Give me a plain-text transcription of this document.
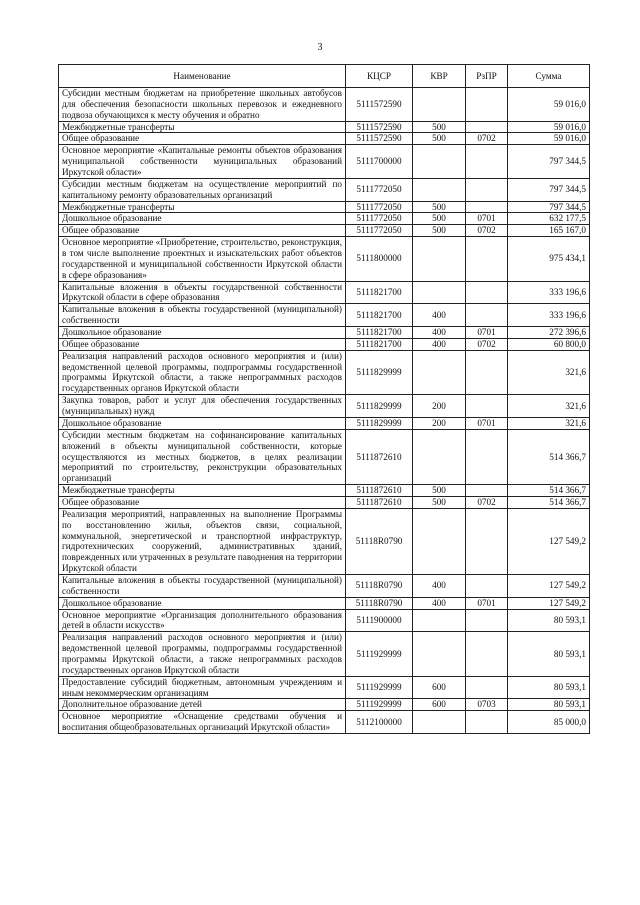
3
Наименование	КЦСР	КВР	РзПР	Сумма
Субсидии местным бюджетам на приобретение школьных автобусов для обеспечения безопасности школьных перевозок и ежедневного подвоза обучающихся к месту обучения и обратно	5111572590			59 016,0
Межбюджетные трансферты	5111572590	500		59 016,0
Общее образование	5111572590	500	0702	59 016,0
Основное мероприятие «Капитальные ремонты объектов образования муниципальной собственности муниципальных образований Иркутской области»	5111700000			797 344,5
Субсидии местным бюджетам на осуществление мероприятий по капитальному ремонту образовательных организаций	5111772050			797 344,5
Межбюджетные трансферты	5111772050	500		797 344,5
Дошкольное образование	5111772050	500	0701	632 177,5
Общее образование	5111772050	500	0702	165 167,0
Основное мероприятие «Приобретение, строительство, реконструкция, в том числе выполнение проектных и изыскательских работ объектов государственной и муниципальной собственности Иркутской области в сфере образования»	5111800000			975 434,1
Капитальные вложения в объекты государственной собственности Иркутской области в сфере образования	5111821700			333 196,6
Капитальные вложения в объекты государственной (муниципальной) собственности	5111821700	400		333 196,6
Дошкольное образование	5111821700	400	0701	272 396,6
Общее образование	5111821700	400	0702	60 800,0
Реализация направлений расходов основного мероприятия и (или) ведомственной целевой программы, подпрограммы государственной программы Иркутской области, а также непрограммных расходов государственных органов Иркутской области	5111829999			321,6
Закупка товаров, работ и услуг для обеспечения государственных (муниципальных) нужд	5111829999	200		321,6
Дошкольное образование	5111829999	200	0701	321,6
Субсидии местным бюджетам на софинансирование капитальных вложений в объекты муниципальной собственности, которые осуществляются из местных бюджетов, в целях реализации мероприятий по строительству, реконструкции образовательных организаций	5111872610			514 366,7
Межбюджетные трансферты	5111872610	500		514 366,7
Общее образование	5111872610	500	0702	514 366,7
Реализация мероприятий, направленных на выполнение Программы по восстановлению жилья, объектов связи, социальной, коммунальной, энергетической и транспортной инфраструктур, гидротехнических сооружений, административных зданий, поврежденных или утраченных в результате паводнения на территории Иркутской области	51118R0790			127 549,2
Капитальные вложения в объекты государственной (муниципальной) собственности	51118R0790	400		127 549,2
Дошкольное образование	51118R0790	400	0701	127 549,2
Основное мероприятие «Организация дополнительного образования детей в области искусств»	5111900000			80 593,1
Реализация направлений расходов основного мероприятия и (или) ведомственной целевой программы, подпрограммы государственной программы Иркутской области, а также непрограммных расходов государственных органов Иркутской области	5111929999			80 593,1
Предоставление субсидий бюджетным, автономным учреждениям и иным некоммерческим организациям	5111929999	600		80 593,1
Дополнительное образование детей	5111929999	600	0703	80 593,1
Основное мероприятие «Оснащение средствами обучения и воспитания общеобразовательных организаций Иркутской области»	5112100000			85 000,0
